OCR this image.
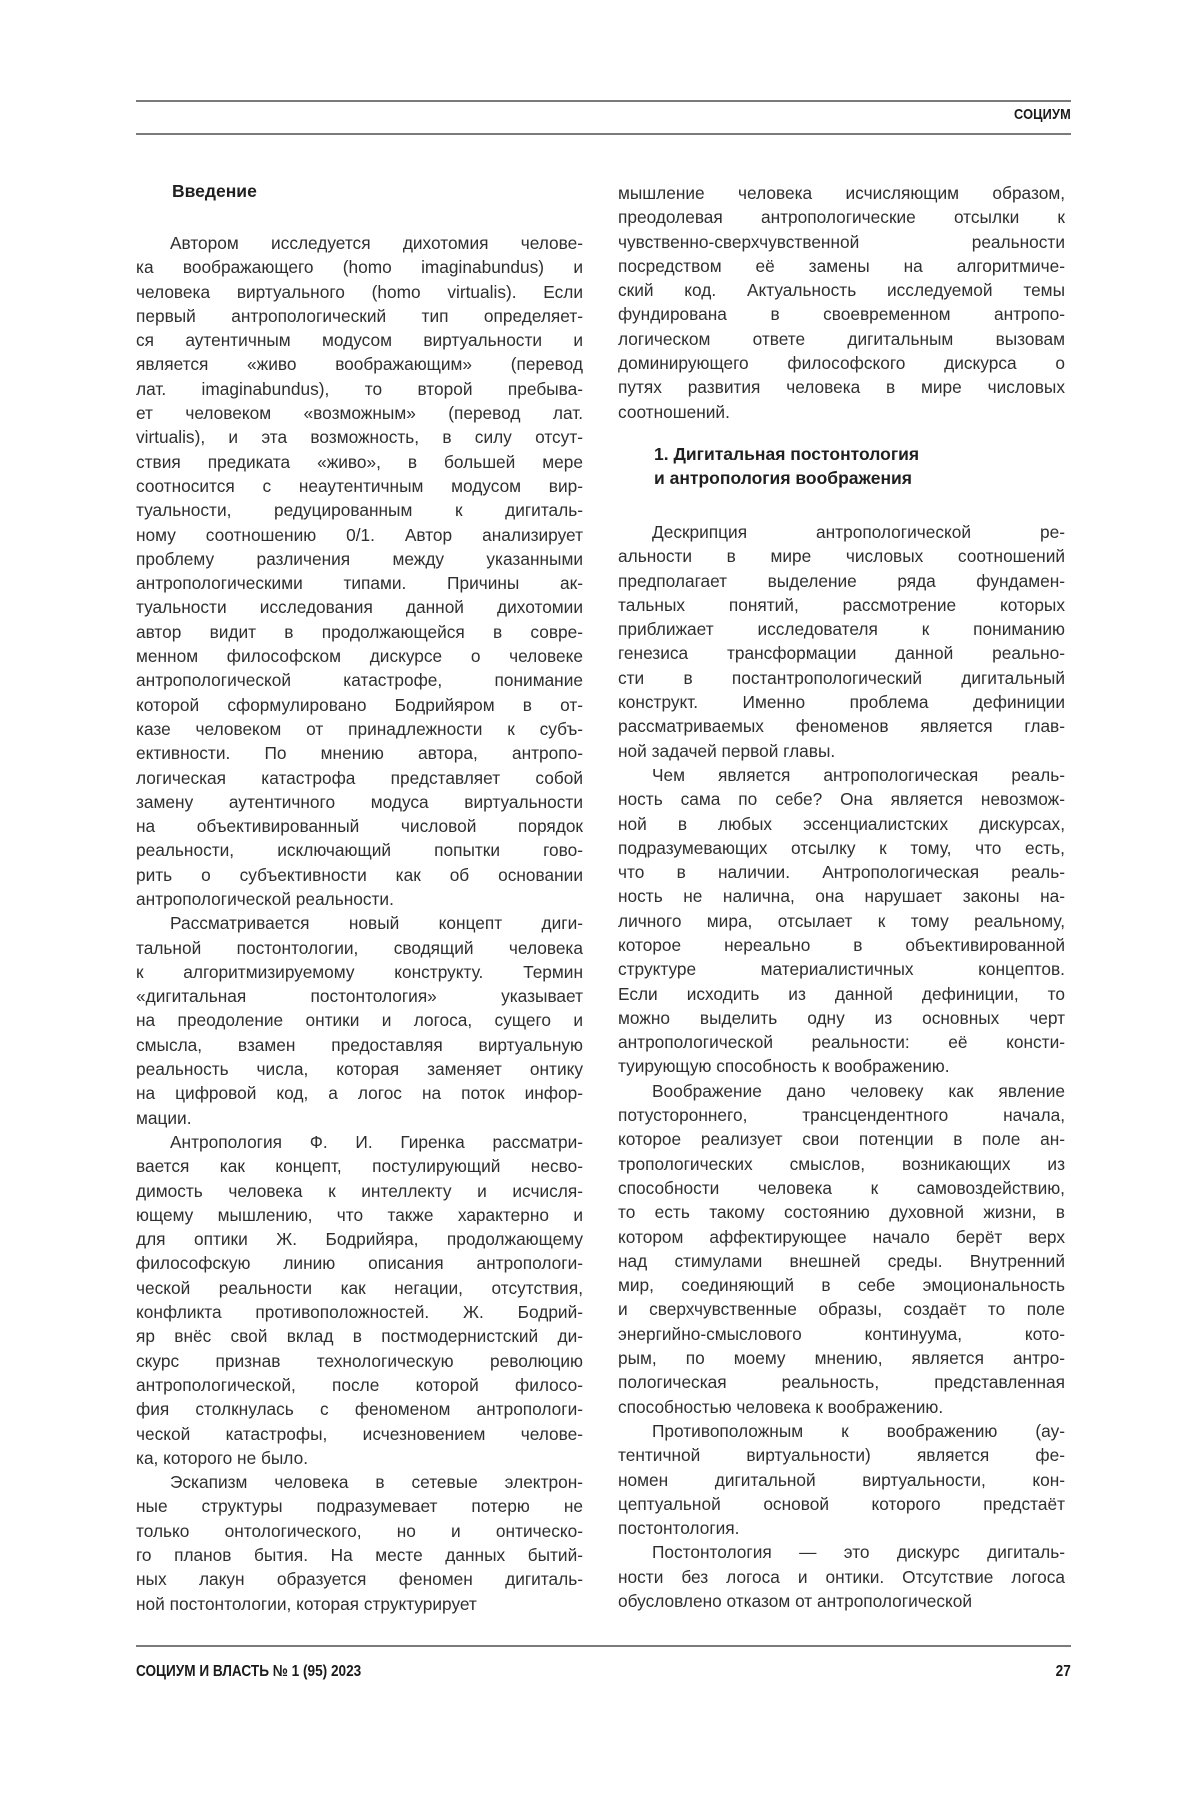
СОЦИУМ
Введение
Автором исследуется дихотомия челове-
ка воображающего (homo imaginabundus) и
человека виртуального (homo virtualis). Если
первый антропологический тип определяет-
ся аутентичным модусом виртуальности и
является «живо воображающим» (перевод
лат. imaginabundus), то второй пребыва-
ет человеком «возможным» (перевод лат.
virtualis), и эта возможность, в силу отсут-
ствия предиката «живо», в большей мере
соотносится с неаутентичным модусом вир-
туальности, редуцированным к дигиталь-
ному соотношению 0/1. Автор анализирует
проблему различения между указанными
антропологическими типами. Причины ак-
туальности исследования данной дихотомии
автор видит в продолжающейся в совре-
менном философском дискурсе о человеке
антропологической катастрофе, понимание
которой сформулировано Бодрийяром в от-
казе человеком от принадлежности к субъ-
ективности. По мнению автора, антропо-
логическая катастрофа представляет собой
замену аутентичного модуса виртуальности
на объективированный числовой порядок
реальности, исключающий попытки гово-
рить о субъективности как об основании
антропологической реальности.
Рассматривается новый концепт диги-
тальной постонтологии, сводящий человека
к алгоритмизируемому конструкту. Термин
«дигитальная постонтология» указывает
на преодоление онтики и логоса, сущего и
смысла, взамен предоставляя виртуальную
реальность числа, которая заменяет онтику
на цифровой код, а логос на поток инфор-
мации.
Антропология Ф. И. Гиренка рассматри-
вается как концепт, постулирующий несво-
димость человека к интеллекту и исчисля-
ющему мышлению, что также характерно и
для оптики Ж. Бодрийяра, продолжающему
философскую линию описания антропологи-
ческой реальности как негации, отсутствия,
конфликта противоположностей. Ж. Бодрий-
яр внёс свой вклад в постмодернистский ди-
скурс признав технологическую революцию
антропологической, после которой филосо-
фия столкнулась с феноменом антропологи-
ческой катастрофы, исчезновением челове-
ка, которого не было.
Эскапизм человека в сетевые электрон-
ные структуры подразумевает потерю не
только онтологического, но и онтическо-
го планов бытия. На месте данных бытий-
ных лакун образуется феномен дигиталь-
ной постонтологии, которая структурирует
мышление человека исчисляющим образом,
преодолевая антропологические отсылки к
чувственно-сверхчувственной реальности
посредством её замены на алгоритмиче-
ский код. Актуальность исследуемой темы
фундирована в своевременном антропо-
логическом ответе дигитальным вызовам
доминирующего философского дискурса о
путях развития человека в мире числовых
соотношений.
1. Дигитальная постонтология
и антропология воображения
Дескрипция антропологической ре-
альности в мире числовых соотношений
предполагает выделение ряда фундамен-
тальных понятий, рассмотрение которых
приближает исследователя к пониманию
генезиса трансформации данной реально-
сти в постантропологический дигитальный
конструкт. Именно проблема дефиниции
рассматриваемых феноменов является глав-
ной задачей первой главы.
Чем является антропологическая реаль-
ность сама по себе? Она является невозмож-
ной в любых эссенциалистских дискурсах,
подразумевающих отсылку к тому, что есть,
что в наличии. Антропологическая реаль-
ность не налична, она нарушает законы на-
личного мира, отсылает к тому реальному,
которое нереально в объективированной
структуре материалистичных концептов.
Если исходить из данной дефиниции, то
можно выделить одну из основных черт
антропологической реальности: её консти-
туирующую способность к воображению.
Воображение дано человеку как явление
потустороннего, трансцендентного начала,
которое реализует свои потенции в поле ан-
тропологических смыслов, возникающих из
способности человека к самовоздействию,
то есть такому состоянию духовной жизни, в
котором аффектирующее начало берёт верх
над стимулами внешней среды. Внутренний
мир, соединяющий в себе эмоциональность
и сверхчувственные образы, создаёт то поле
энергийно-смыслового континуума, кото-
рым, по моему мнению, является антро-
пологическая реальность, представленная
способностью человека к воображению.
Противоположным к воображению (ау-
тентичной виртуальности) является фе-
номен дигитальной виртуальности, кон-
цептуальной основой которого предстаёт
постонтология.
Постонтология — это дискурс дигиталь-
ности без логоса и онтики. Отсутствие логоса
обусловлено отказом от антропологической
СОЦИУМ И ВЛАСТЬ № 1 (95) 2023	27
